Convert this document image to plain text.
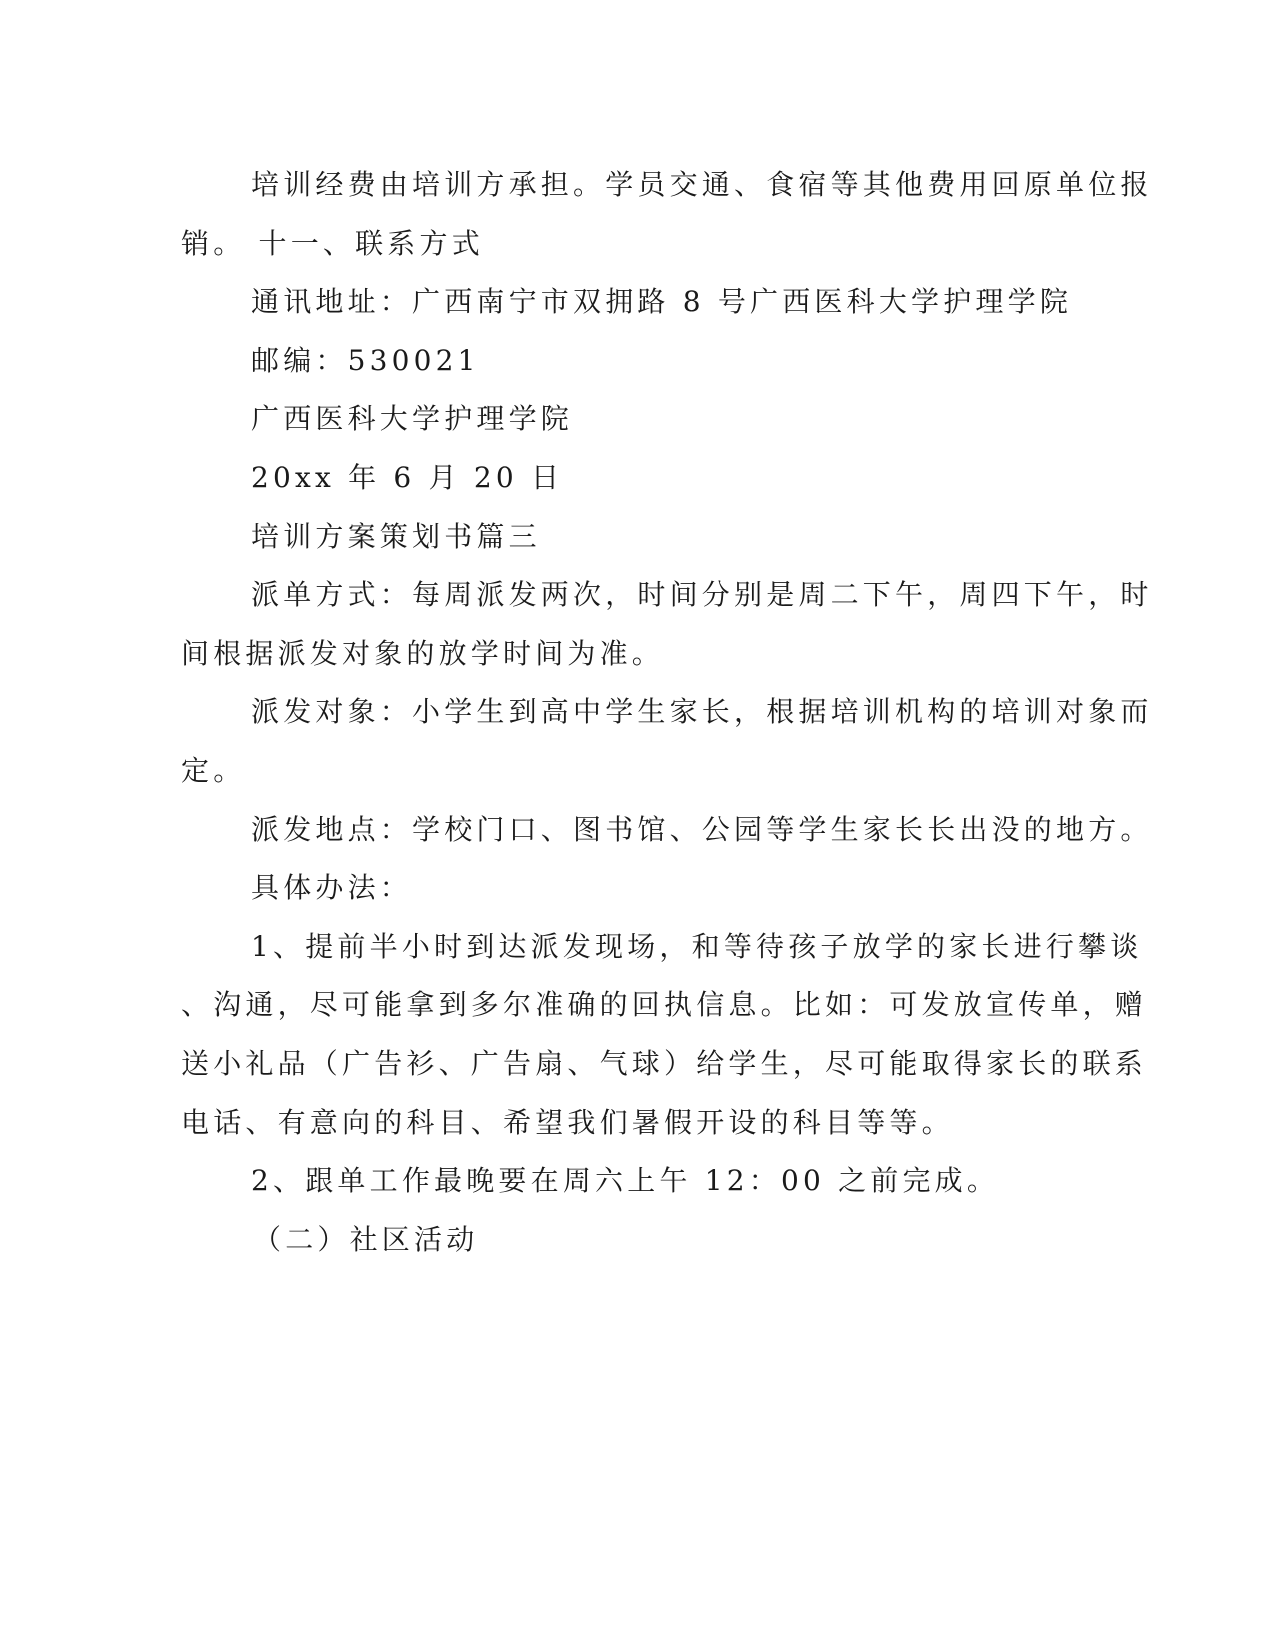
培训经费由培训方承担。学员交通、食宿等其他费用回原单位报
销。 十一、联系方式
通讯地址：广西南宁市双拥路 8 号广西医科大学护理学院
邮编：530021
广西医科大学护理学院
20xx 年 6 月 20 日
培训方案策划书篇三
派单方式：每周派发两次，时间分别是周二下午，周四下午，时
间根据派发对象的放学时间为准。
派发对象：小学生到高中学生家长，根据培训机构的培训对象而
定。
派发地点：学校门口、图书馆、公园等学生家长长出没的地方。
具体办法：
1、提前半小时到达派发现场，和等待孩子放学的家长进行攀谈
、沟通，尽可能拿到多尔准确的回执信息。比如：可发放宣传单，赠
送小礼品（广告衫、广告扇、气球）给学生，尽可能取得家长的联系
电话、有意向的科目、希望我们暑假开设的科目等等。
2、跟单工作最晚要在周六上午 12：00 之前完成。
（二）社区活动
